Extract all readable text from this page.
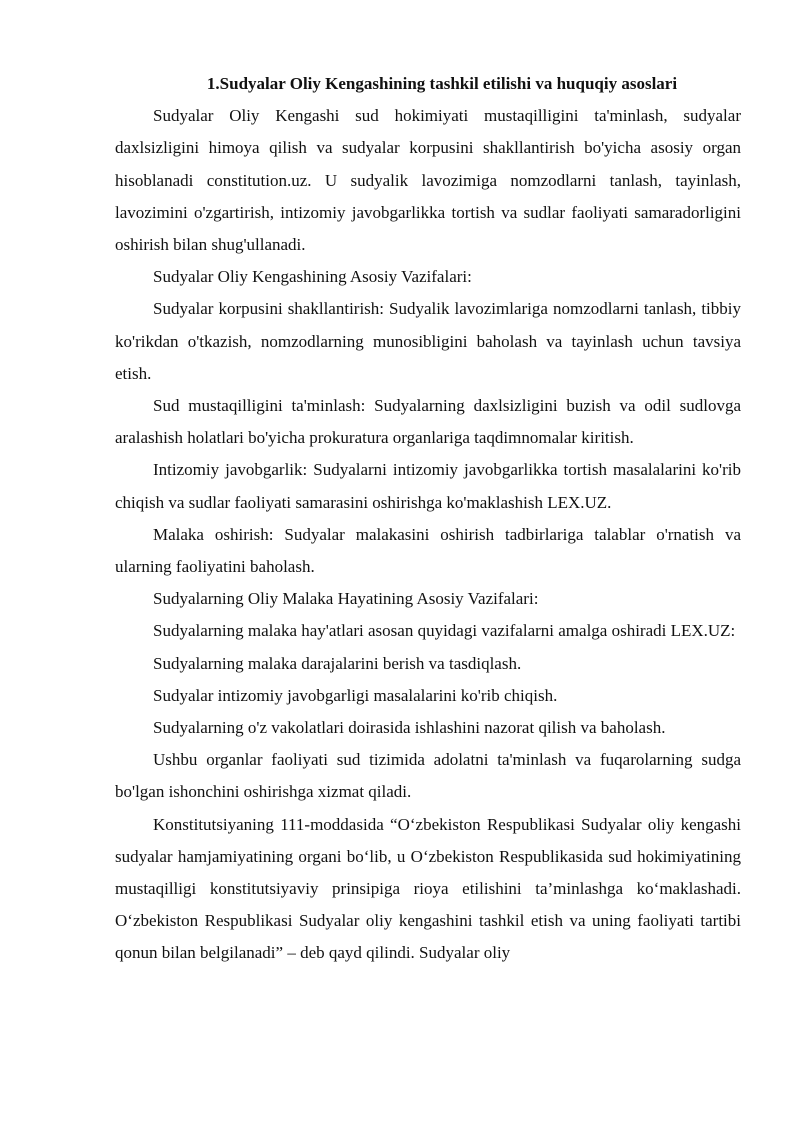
1.Sudyalar Oliy Kengashining tashkil etilishi va huquqiy asoslari

Sudyalar Oliy Kengashi sud hokimiyati mustaqilligini ta'minlash, sudyalar daxlsizligini himoya qilish va sudyalar korpusini shakllantirish bo'yicha asosiy organ hisoblanadi constitution.uz. U sudyalik lavozimiga nomzodlarni tanlash, tayinlash, lavozimini o'zgartirish, intizomiy javobgarlikka tortish va sudlar faoliyati samaradorligini oshirish bilan shug'ullanadi.

Sudyalar Oliy Kengashining Asosiy Vazifalari:

Sudyalar korpusini shakllantirish: Sudyalik lavozimlariga nomzodlarni tanlash, tibbiy ko'rikdan o'tkazish, nomzodlarning munosibligini baholash va tayinlash uchun tavsiya etish.

Sud mustaqilligini ta'minlash: Sudyalarning daxlsizligini buzish va odil sudlovga aralashish holatlari bo'yicha prokuratura organlariga taqdimnomalar kiritish.

Intizomiy javobgarlik: Sudyalarni intizomiy javobgarlikka tortish masalalarini ko'rib chiqish va sudlar faoliyati samarasini oshirishga ko'maklashish LEX.UZ.

Malaka oshirish: Sudyalar malakasini oshirish tadbirlariga talablar o'rnatish va ularning faoliyatini baholash.

Sudyalarning Oliy Malaka Hayatining Asosiy Vazifalari:

Sudyalarning malaka hay'atlari asosan quyidagi vazifalarni amalga oshiradi LEX.UZ:

Sudyalarning malaka darajalarini berish va tasdiqlash.

Sudyalar intizomiy javobgarligi masalalarini ko'rib chiqish.

Sudyalarning o'z vakolatlari doirasida ishlashini nazorat qilish va baholash.

Ushbu organlar faoliyati sud tizimida adolatni ta'minlash va fuqarolarning sudga bo'lgan ishonchini oshirishga xizmat qiladi.

Konstitutsiyaning 111-moddasida “O‘zbekiston Respublikasi Sudyalar oliy kengashi sudyalar hamjamiyatining organi bo‘lib, u O‘zbekiston Respublikasida sud hokimiyatining mustaqilligi konstitutsiyaviy prinsipiga rioya etilishini ta’minlashga ko‘maklashadi. O‘zbekiston Respublikasi Sudyalar oliy kengashini tashkil etish va uning faoliyati tartibi qonun bilan belgilanadi” – deb qayd qilindi. Sudyalar oliy
